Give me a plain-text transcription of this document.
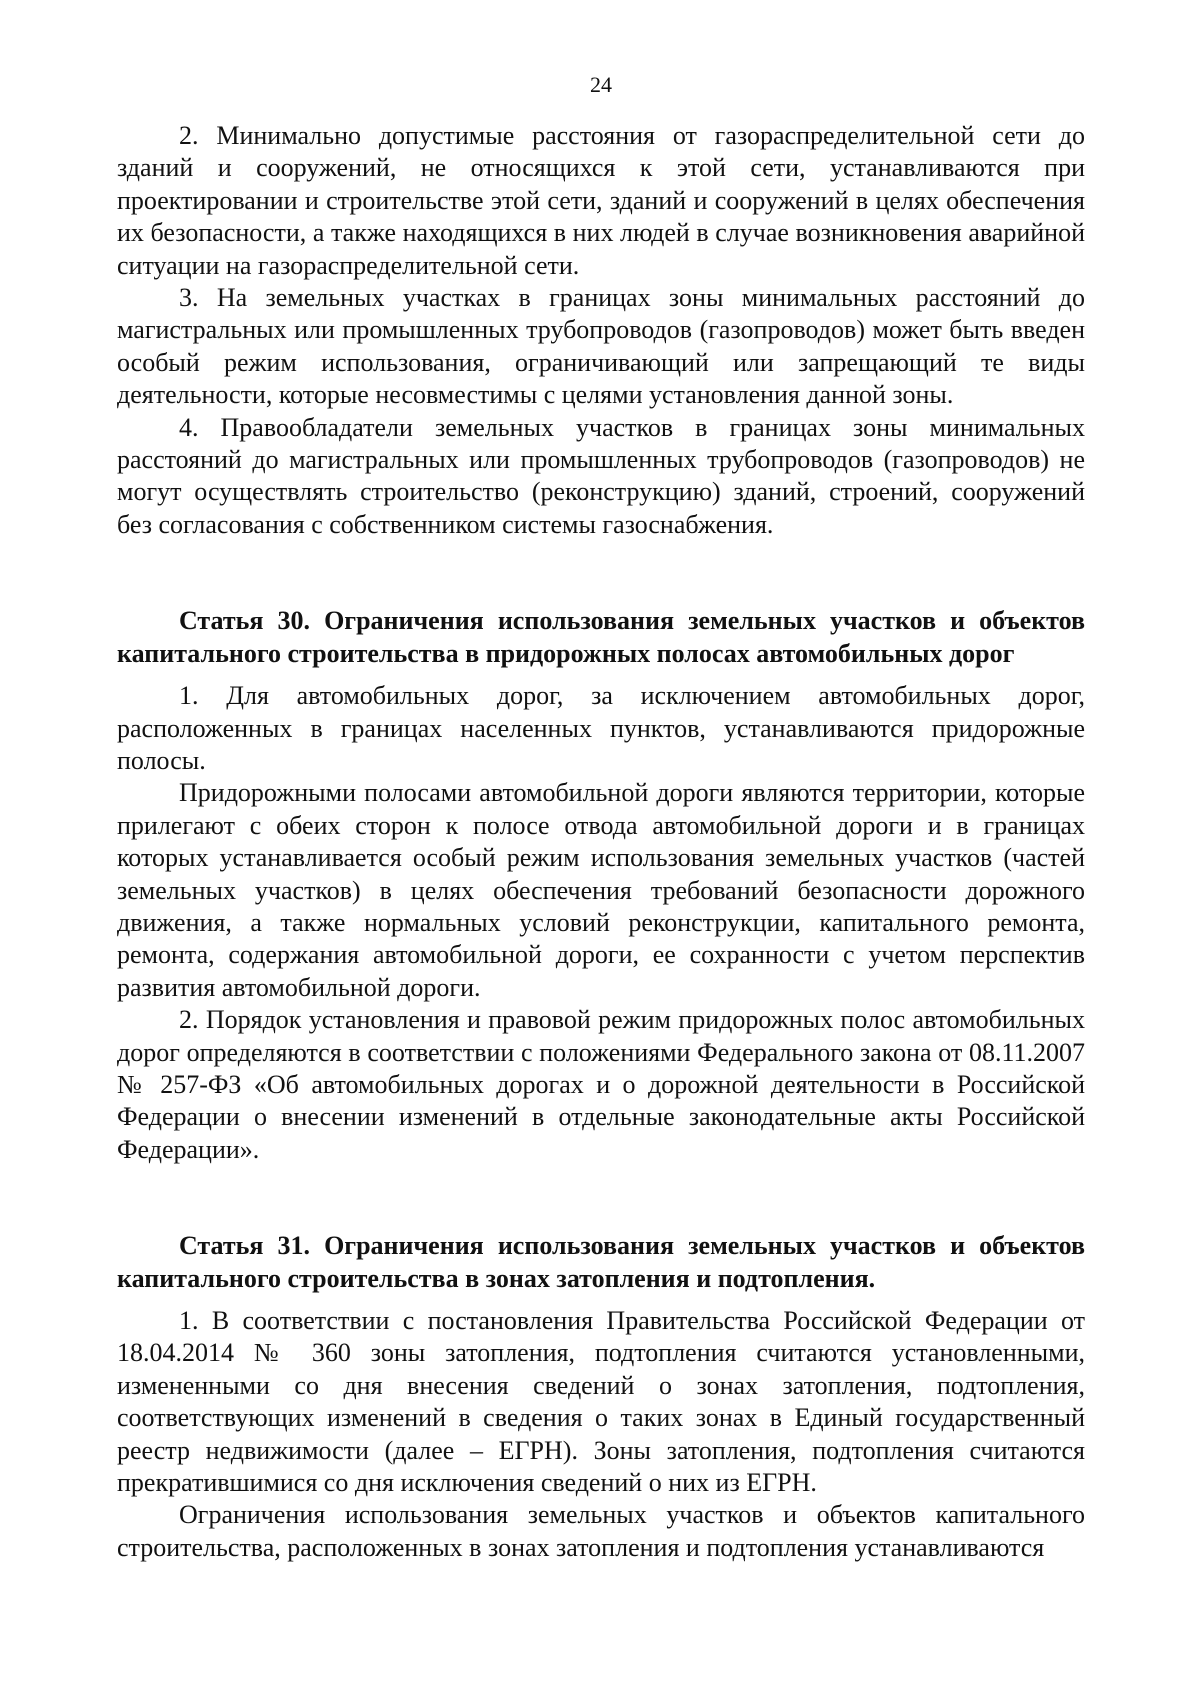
24

2. Минимально допустимые расстояния от газораспределительной сети до зданий и сооружений, не относящихся к этой сети, устанавливаются при проектировании и строительстве этой сети, зданий и сооружений в целях обеспечения их безопасности, а также находящихся в них людей в случае возникновения аварийной ситуации на газораспределительной сети.

3. На земельных участках в границах зоны минимальных расстояний до магистральных или промышленных трубопроводов (газопроводов) может быть введен особый режим использования, ограничивающий или запрещающий те виды деятельности, которые несовместимы с целями установления данной зоны.

4. Правообладатели земельных участков в границах зоны минимальных расстояний до магистральных или промышленных трубопроводов (газопроводов) не могут осуществлять строительство (реконструкцию) зданий, строений, сооружений без согласования с собственником системы газоснабжения.

Статья 30. Ограничения использования земельных участков и объектов капитального строительства в придорожных полосах автомобильных дорог

1. Для автомобильных дорог, за исключением автомобильных дорог, расположенных в границах населенных пунктов, устанавливаются придорожные полосы.

Придорожными полосами автомобильной дороги являются территории, которые прилегают с обеих сторон к полосе отвода автомобильной дороги и в границах которых устанавливается особый режим использования земельных участков (частей земельных участков) в целях обеспечения требований безопасности дорожного движения, а также нормальных условий реконструкции, капитального ремонта, ремонта, содержания автомобильной дороги, ее сохранности с учетом перспектив развития автомобильной дороги.

2. Порядок установления и правовой режим придорожных полос автомобильных дорог определяются в соответствии с положениями Федерального закона от 08.11.2007 № 257-ФЗ «Об автомобильных дорогах и о дорожной деятельности в Российской Федерации о внесении изменений в отдельные законодательные акты Российской Федерации».

Статья 31. Ограничения использования земельных участков и объектов капитального строительства в зонах затопления и подтопления.

1. В соответствии с постановления Правительства Российской Федерации от 18.04.2014 № 360 зоны затопления, подтопления считаются установленными, измененными со дня внесения сведений о зонах затопления, подтопления, соответствующих изменений в сведения о таких зонах в Единый государственный реестр недвижимости (далее – ЕГРН). Зоны затопления, подтопления считаются прекратившимися со дня исключения сведений о них из ЕГРН.

Ограничения использования земельных участков и объектов капитального строительства, расположенных в зонах затопления и подтопления устанавливаются
